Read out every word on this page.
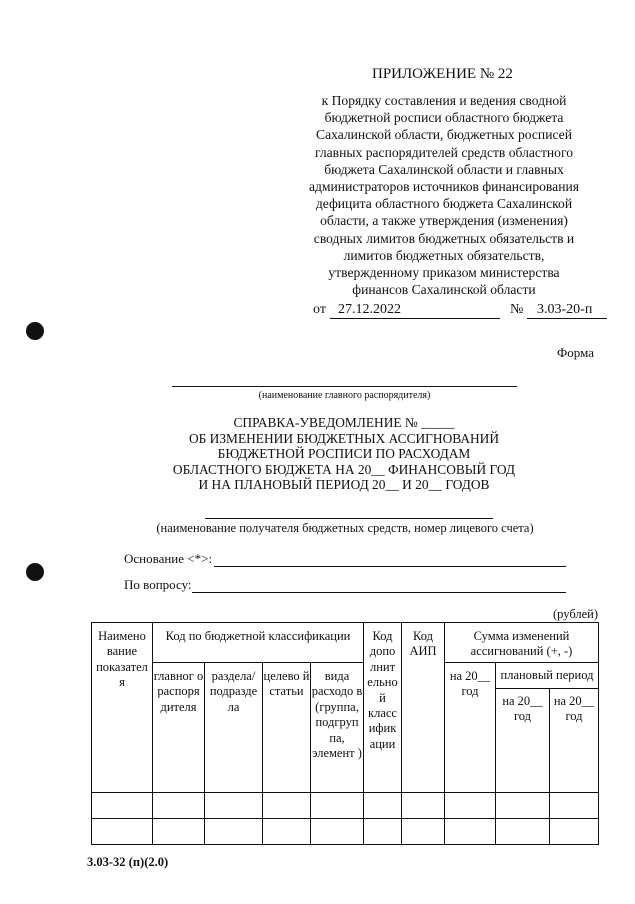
ПРИЛОЖЕНИЕ № 22
к Порядку составления и ведения сводной
бюджетной росписи областного бюджета
Сахалинской области, бюджетных росписей
главных распорядителей средств областного
бюджета Сахалинской области и главных
администраторов источников финансирования
дефицита областного бюджета Сахалинской
области, а также утверждения (изменения)
сводных лимитов бюджетных обязательств и
лимитов бюджетных обязательств,
утвержденному приказом министерства
финансов Сахалинской области
от 27.12.2022	№ 3.03-20-п
Форма
(наименование главного распорядителя)
СПРАВКА-УВЕДОМЛЕНИЕ № _____
ОБ ИЗМЕНЕНИИ БЮДЖЕТНЫХ АССИГНОВАНИЙ
БЮДЖЕТНОЙ РОСПИСИ ПО РАСХОДАМ
ОБЛАСТНОГО БЮДЖЕТА НА 20__ ФИНАНСОВЫЙ ГОД
И НА ПЛАНОВЫЙ ПЕРИОД 20__ И 20__ ГОДОВ
(наименование получателя бюджетных средств, номер лицевого счета)
Основание <*>:
По вопросу:
(рублей)
Наимено вание показател я	Код по бюджетной классификации				Код допо лнит ельно й класс ифик ации	Код АИП	Сумма изменений ассигнований (+, -)		
	главног о распоря дителя	раздела/ подразде ла	целево й статьи	вида расходо в (группа, подгруп па, элемент )			на 20__ год	плановый период	
								на 20__ год	на 20__ год

3.03-32 (п)(2.0)
